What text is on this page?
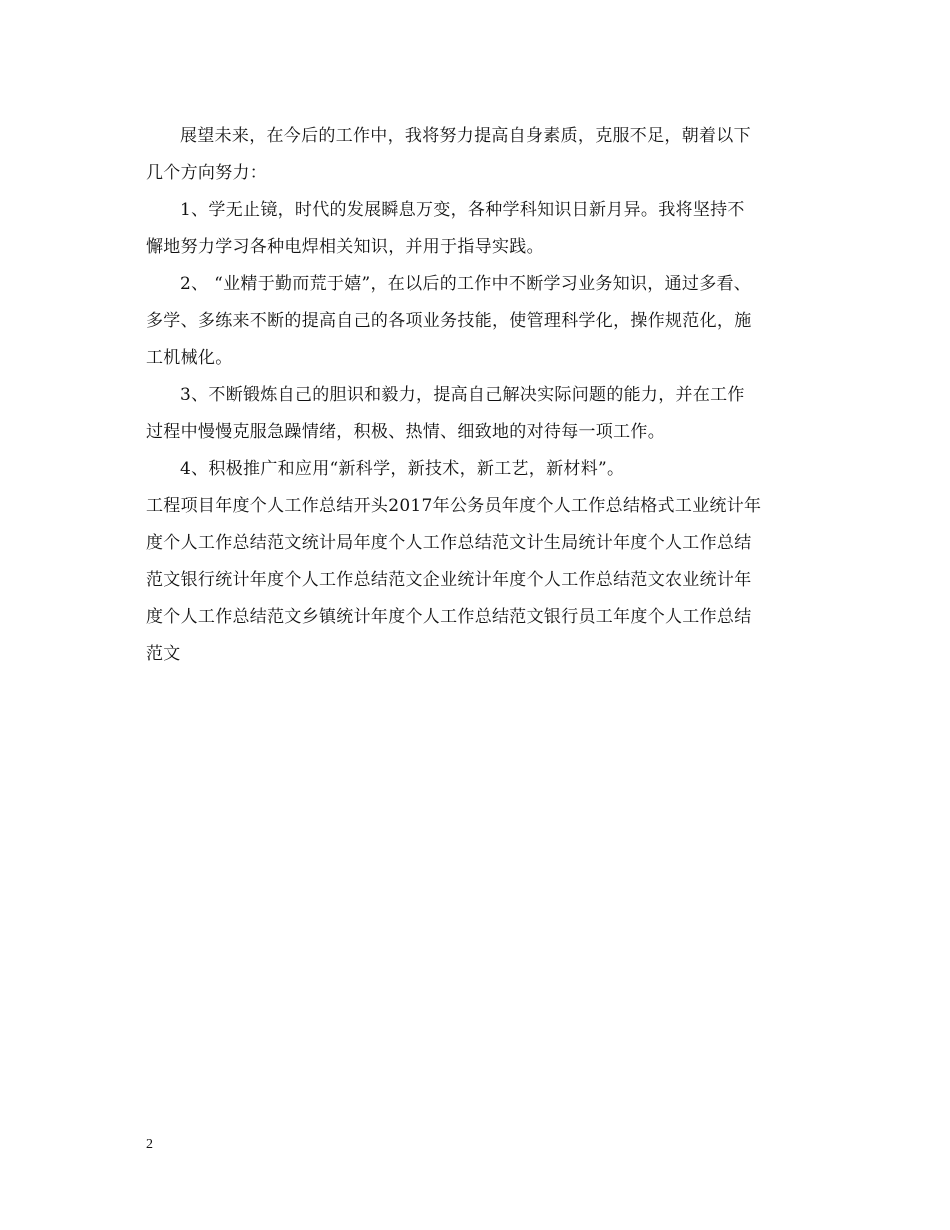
展望未来，在今后的工作中，我将努力提高自身素质，克服不足，朝着以下
几个方向努力：
1、学无止镜，时代的发展瞬息万变，各种学科知识日新月异。我将坚持不
懈地努力学习各种电焊相关知识，并用于指导实践。
2、 “业精于勤而荒于嬉”，在以后的工作中不断学习业务知识，通过多看、
多学、多练来不断的提高自己的各项业务技能，使管理科学化，操作规范化，施
工机械化。
3、不断锻炼自己的胆识和毅力，提高自己解决实际问题的能力，并在工作
过程中慢慢克服急躁情绪，积极、热情、细致地的对待每一项工作。
4、积极推广和应用“新科学，新技术，新工艺，新材料”。
工程项目年度个人工作总结开头2017年公务员年度个人工作总结格式工业统计年
度个人工作总结范文统计局年度个人工作总结范文计生局统计年度个人工作总结
范文银行统计年度个人工作总结范文企业统计年度个人工作总结范文农业统计年
度个人工作总结范文乡镇统计年度个人工作总结范文银行员工年度个人工作总结
范文
2
